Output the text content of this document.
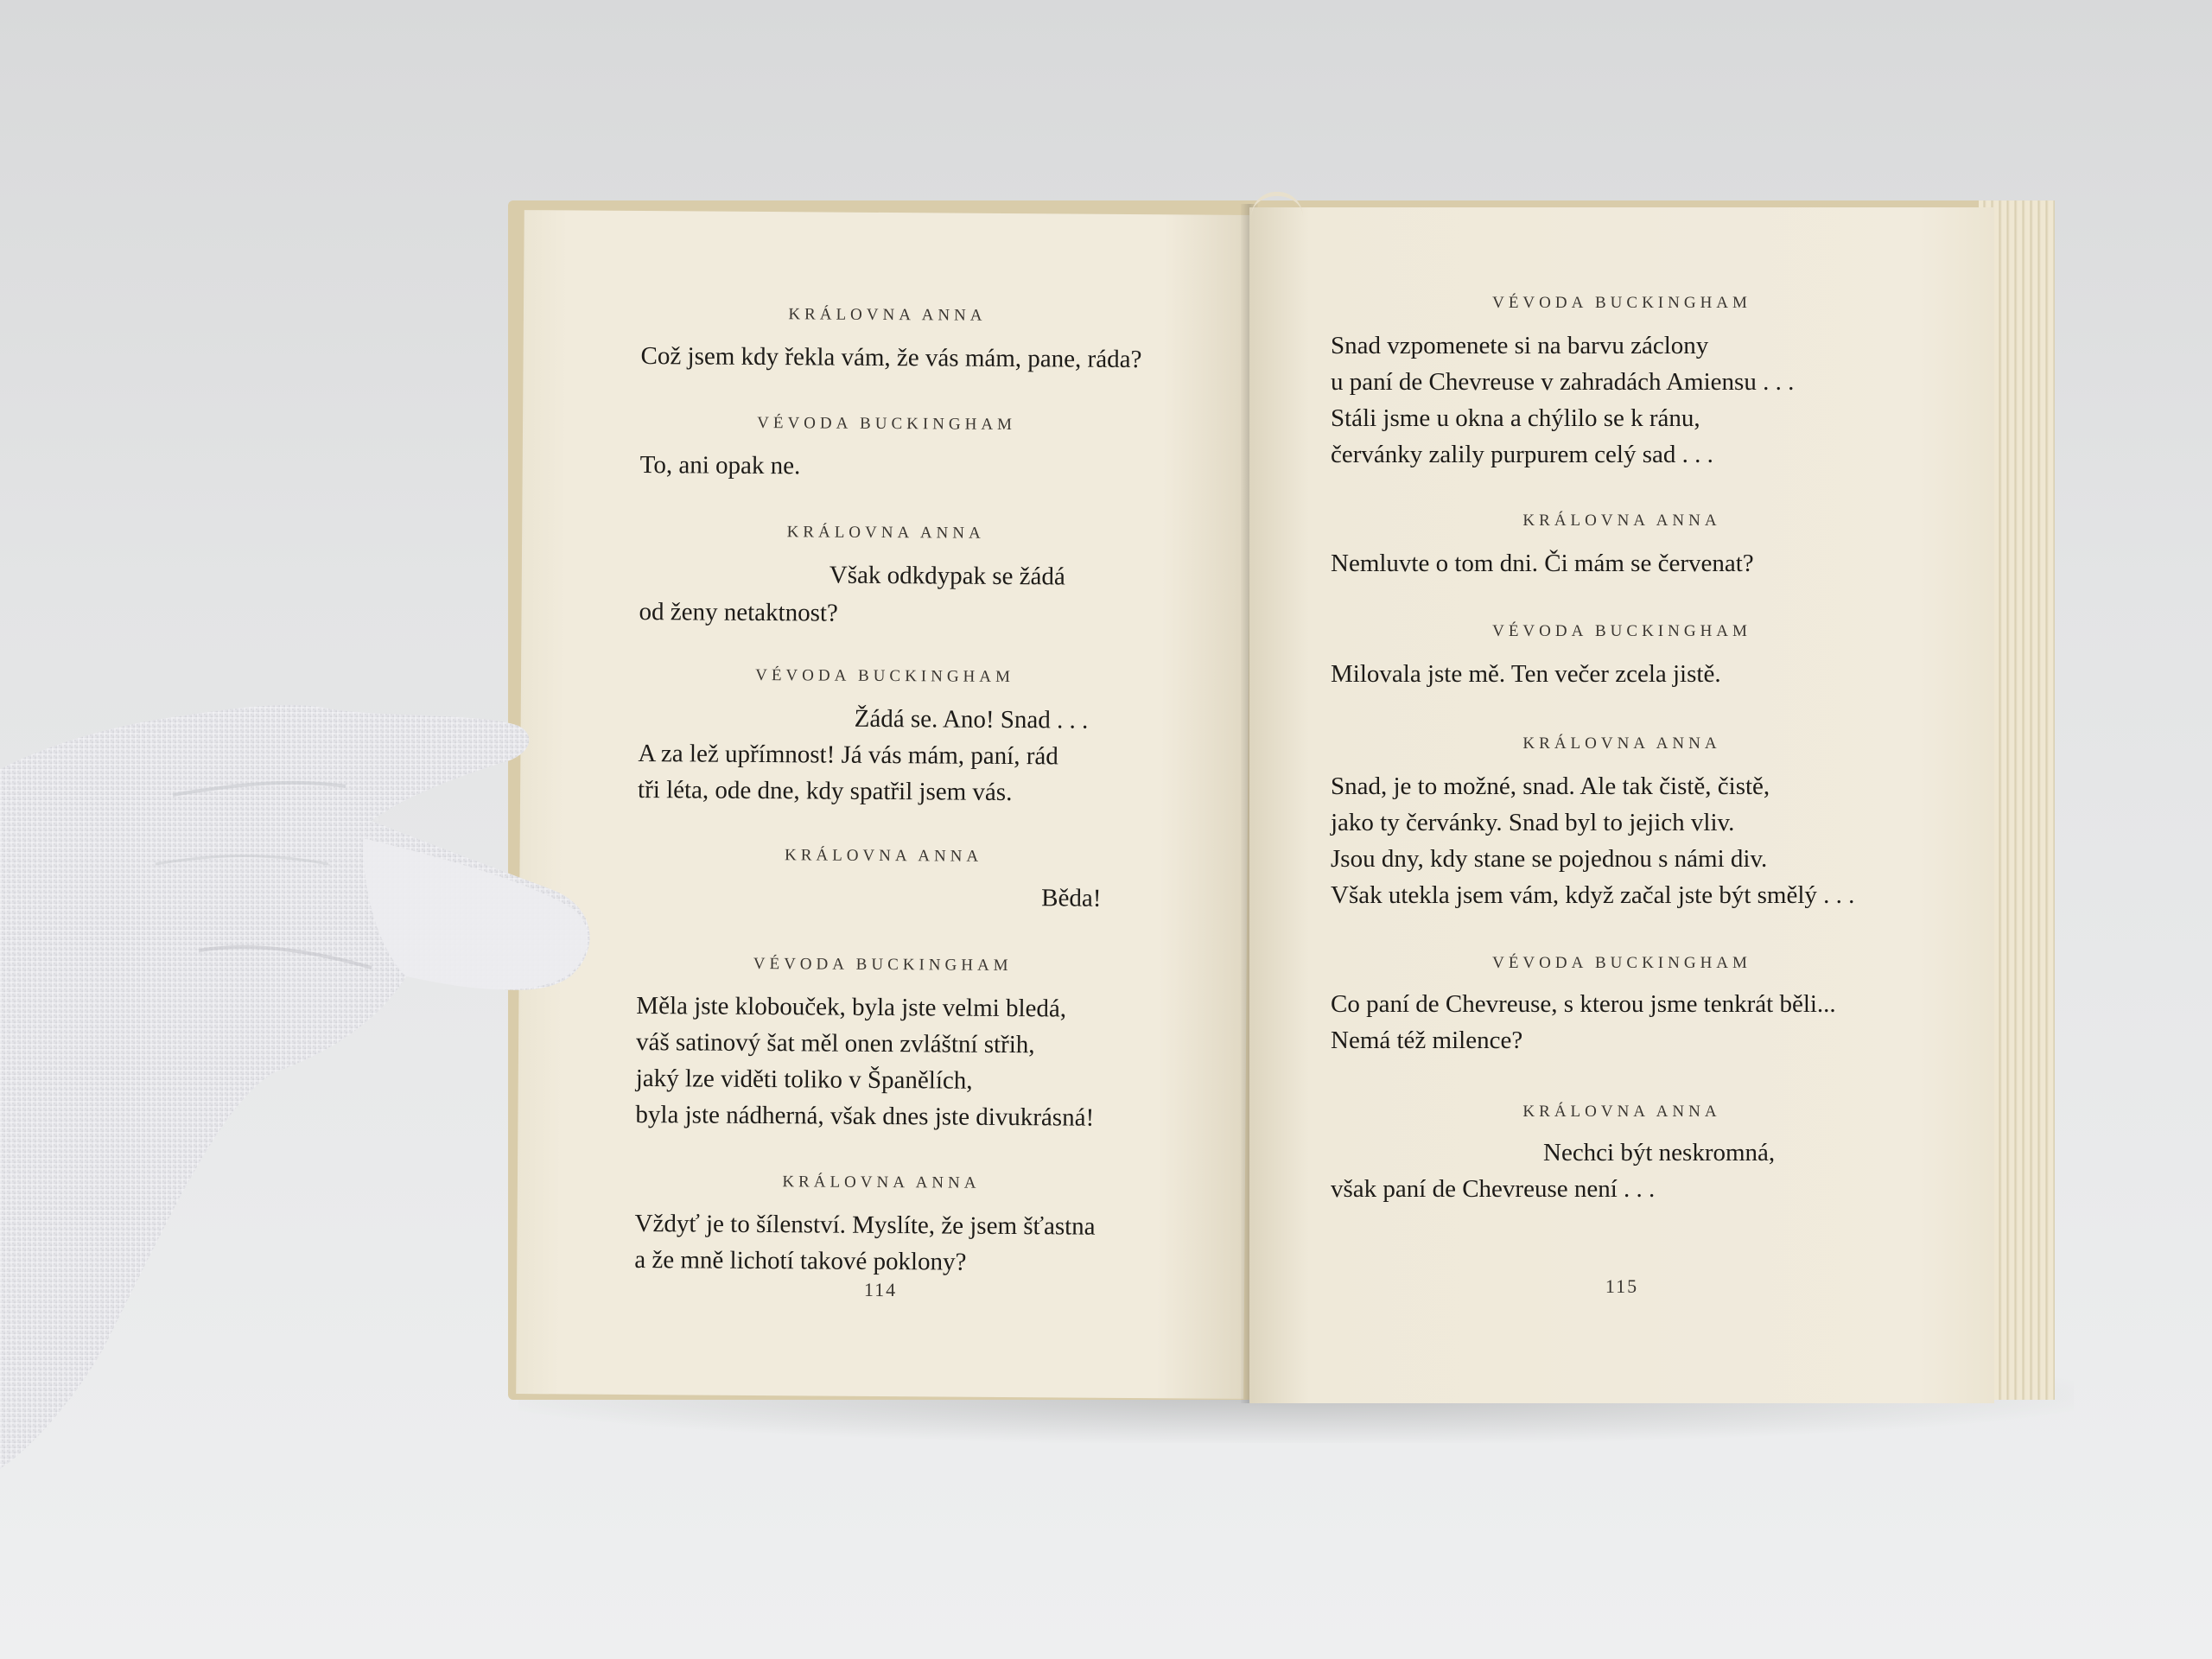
KRÁLOVNA ANNA
Což jsem kdy řekla vám, že vás mám, pane, ráda?
VÉVODA BUCKINGHAM
To, ani opak ne.
KRÁLOVNA ANNA
Však odkdypak se žádá
od ženy netaktnost?
VÉVODA BUCKINGHAM
Žádá se. Ano! Snad . . .
A za lež upřímnost! Já vás mám, paní, rád
tři léta, ode dne, kdy spatřil jsem vás.
KRÁLOVNA ANNA
Běda!
VÉVODA BUCKINGHAM
Měla jste klobouček, byla jste velmi bledá,
váš satinový šat měl onen zvláštní střih,
jaký lze viděti toliko v Španělích,
byla jste nádherná, však dnes jste divukrásná!
KRÁLOVNA ANNA
Vždyť je to šílenství. Myslíte, že jsem šťastna
a že mně lichotí takové poklony?
114
VÉVODA BUCKINGHAM
Snad vzpomenete si na barvu záclony
u paní de Chevreuse v zahradách Amiensu . . .
Stáli jsme u okna a chýlilo se k ránu,
červánky zalily purpurem celý sad . . .
KRÁLOVNA ANNA
Nemluvte o tom dni. Či mám se červenat?
VÉVODA BUCKINGHAM
Milovala jste mě. Ten večer zcela jistě.
KRÁLOVNA ANNA
Snad, je to možné, snad. Ale tak čistě, čistě,
jako ty červánky. Snad byl to jejich vliv.
Jsou dny, kdy stane se pojednou s námi div.
Však utekla jsem vám, když začal jste být smělý . . .
VÉVODA BUCKINGHAM
Co paní de Chevreuse, s kterou jsme tenkrát běli...
Nemá též milence?
KRÁLOVNA ANNA
Nechci být neskromná,
však paní de Chevreuse není . . .
115
